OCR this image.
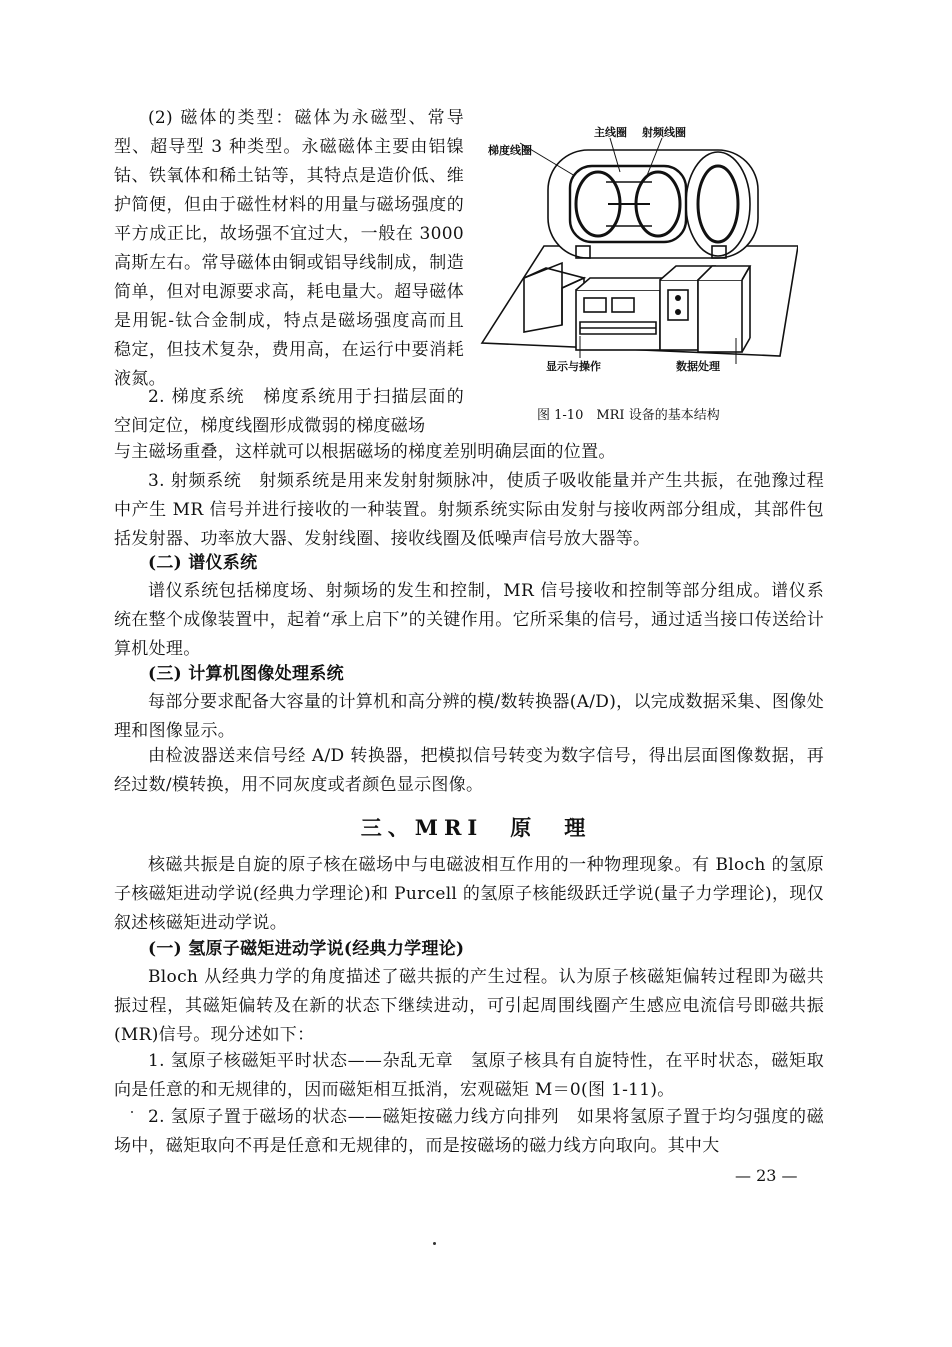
(2) 磁体的类型：磁体为永磁型、常导型、超导型 3 种类型。永磁磁体主要由铝镍钴、铁氧体和稀土钴等，其特点是造价低、维护简便，但由于磁性材料的用量与磁场强度的平方成正比，故场强不宜过大，一般在 3000 高斯左右。常导磁体由铜或铝导线制成，制造简单，但对电源要求高，耗电量大。超导磁体是用铌-钛合金制成，特点是磁场强度高而且稳定，但技术复杂，费用高，在运行中要消耗液氮。

2. 梯度系统　梯度系统用于扫描层面的空间定位，梯度线圈形成微弱的梯度磁场

与主磁场重叠，这样就可以根据磁场的梯度差别明确层面的位置。

3. 射频系统　射频系统是用来发射射频脉冲，使质子吸收能量并产生共振，在弛豫过程中产生 MR 信号并进行接收的一种装置。射频系统实际由发射与接收两部分组成，其部件包括发射器、功率放大器、发射线圈、接收线圈及低噪声信号放大器等。

(二) 谱仪系统

谱仪系统包括梯度场、射频场的发生和控制，MR 信号接收和控制等部分组成。谱仪系统在整个成像装置中，起着“承上启下”的关键作用。它所采集的信号，通过适当接口传送给计算机处理。

(三) 计算机图像处理系统

每部分要求配备大容量的计算机和高分辨的模/数转换器(A/D)，以完成数据采集、图像处理和图像显示。

由检波器送来信号经 A/D 转换器，把模拟信号转变为数字信号，得出层面图像数据，再经过数/模转换，用不同灰度或者颜色显示图像。

三、MRI　原　理

核磁共振是自旋的原子核在磁场中与电磁波相互作用的一种物理现象。有 Bloch 的氢原子核磁矩进动学说(经典力学理论)和 Purcell 的氢原子核能级跃迁学说(量子力学理论)，现仅叙述核磁矩进动学说。

(一) 氢原子磁矩进动学说(经典力学理论)

Bloch 从经典力学的角度描述了磁共振的产生过程。认为原子核磁矩偏转过程即为磁共振过程，其磁矩偏转及在新的状态下继续进动，可引起周围线圈产生感应电流信号即磁共振(MR)信号。现分述如下：

1. 氢原子核磁矩平时状态——杂乱无章　氢原子核具有自旋特性，在平时状态，磁矩取向是任意的和无规律的，因而磁矩相互抵消，宏观磁矩 M＝0(图 1-11)。

2. 氢原子置于磁场的状态——磁矩按磁力线方向排列　如果将氢原子置于均匀强度的磁场中，磁矩取向不再是任意和无规律的，而是按磁场的磁力线方向取向。其中大

— 23 —
主线圈 射频线圈
梯度线圈
显示与操作	数据处理
图 1-10　MRI 设备的基本结构
